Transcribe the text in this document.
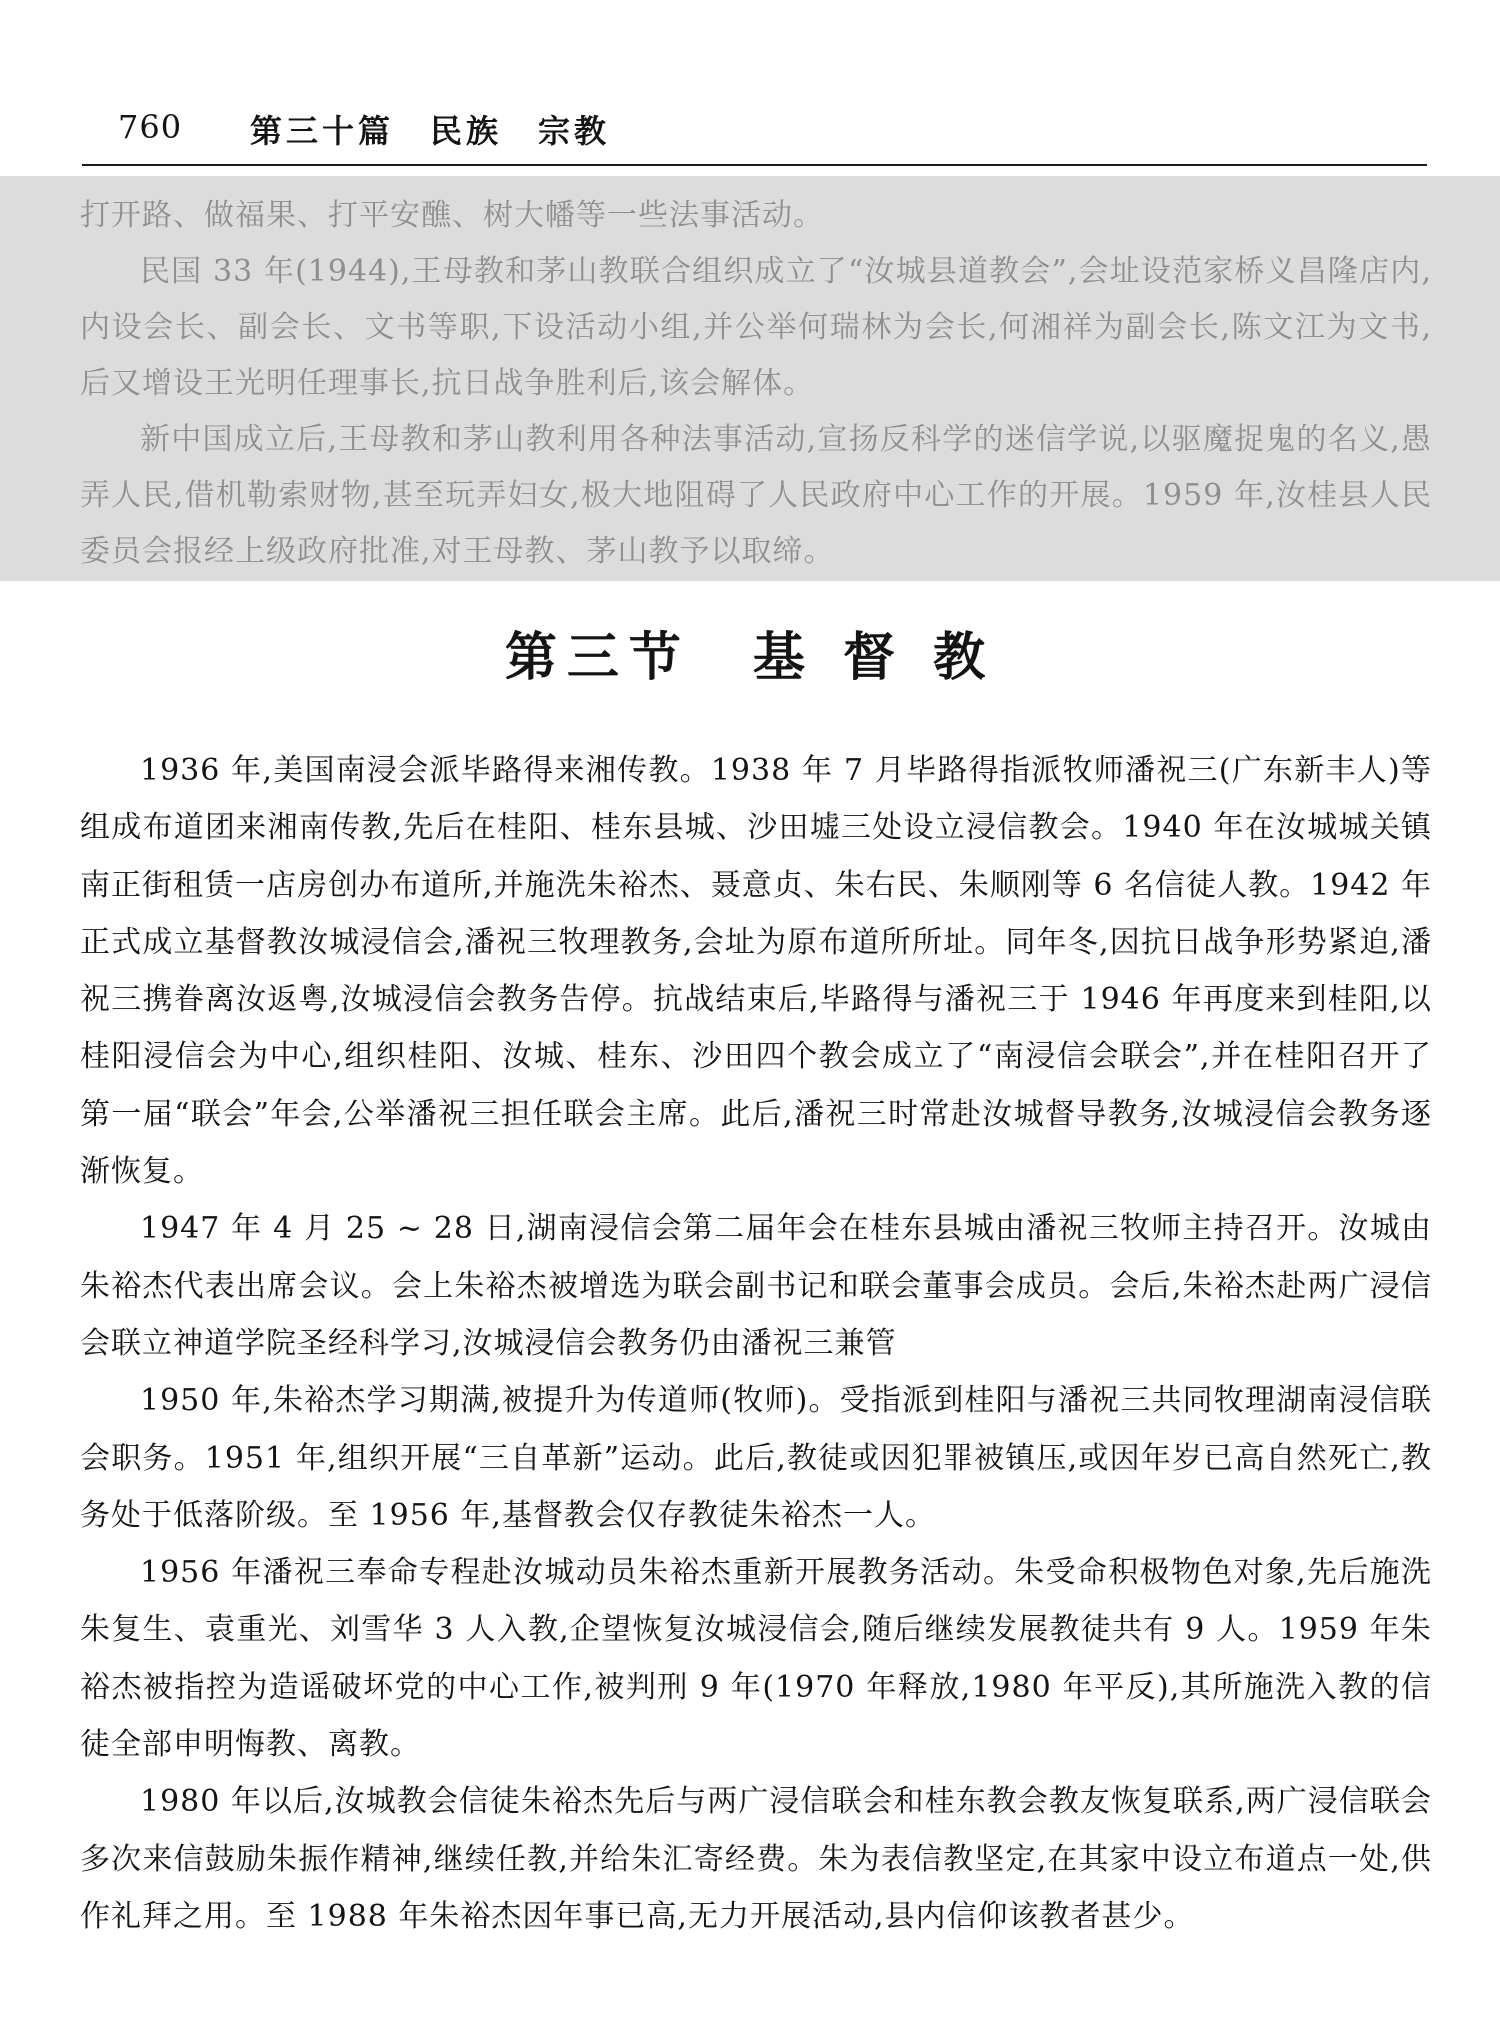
760 第三十篇　民族　宗教

打开路、做福果、打平安醮、树大幡等一些法事活动。

民国 33 年(1944),王母教和茅山教联合组织成立了“汝城县道教会”,会址设范家桥义昌隆店内,内设会长、副会长、文书等职,下设活动小组,并公举何瑞林为会长,何湘祥为副会长,陈文江为文书,后又增设王光明任理事长,抗日战争胜利后,该会解体。

新中国成立后,王母教和茅山教利用各种法事活动,宣扬反科学的迷信学说,以驱魔捉鬼的名义,愚弄人民,借机勒索财物,甚至玩弄妇女,极大地阻碍了人民政府中心工作的开展。1959 年,汝桂县人民委员会报经上级政府批准,对王母教、茅山教予以取缔。

第三节　基 督 教

1936 年,美国南浸会派毕路得来湘传教。1938 年 7 月毕路得指派牧师潘祝三(广东新丰人)等组成布道团来湘南传教,先后在桂阳、桂东县城、沙田墟三处设立浸信教会。1940 年在汝城城关镇南正街租赁一店房创办布道所,并施洗朱裕杰、聂意贞、朱右民、朱顺刚等 6 名信徒人教。1942 年正式成立基督教汝城浸信会,潘祝三牧理教务,会址为原布道所所址。同年冬,因抗日战争形势紧迫,潘祝三携眷离汝返粤,汝城浸信会教务告停。抗战结束后,毕路得与潘祝三于 1946 年再度来到桂阳,以桂阳浸信会为中心,组织桂阳、汝城、桂东、沙田四个教会成立了“南浸信会联会”,并在桂阳召开了第一届“联会”年会,公举潘祝三担任联会主席。此后,潘祝三时常赴汝城督导教务,汝城浸信会教务逐渐恢复。

1947 年 4 月 25 ~ 28 日,湖南浸信会第二届年会在桂东县城由潘祝三牧师主持召开。汝城由朱裕杰代表出席会议。会上朱裕杰被增选为联会副书记和联会董事会成员。会后,朱裕杰赴两广浸信会联立神道学院圣经科学习,汝城浸信会教务仍由潘祝三兼管

1950 年,朱裕杰学习期满,被提升为传道师(牧师)。受指派到桂阳与潘祝三共同牧理湖南浸信联会职务。1951 年,组织开展“三自革新”运动。此后,教徒或因犯罪被镇压,或因年岁已高自然死亡,教务处于低落阶级。至 1956 年,基督教会仅存教徒朱裕杰一人。

1956 年潘祝三奉命专程赴汝城动员朱裕杰重新开展教务活动。朱受命积极物色对象,先后施洗朱复生、袁重光、刘雪华 3 人入教,企望恢复汝城浸信会,随后继续发展教徒共有 9 人。1959 年朱裕杰被指控为造谣破坏党的中心工作,被判刑 9 年(1970 年释放,1980 年平反),其所施洗入教的信徒全部申明悔教、离教。

1980 年以后,汝城教会信徒朱裕杰先后与两广浸信联会和桂东教会教友恢复联系,两广浸信联会多次来信鼓励朱振作精神,继续任教,并给朱汇寄经费。朱为表信教坚定,在其家中设立布道点一处,供作礼拜之用。至 1988 年朱裕杰因年事已高,无力开展活动,县内信仰该教者甚少。
